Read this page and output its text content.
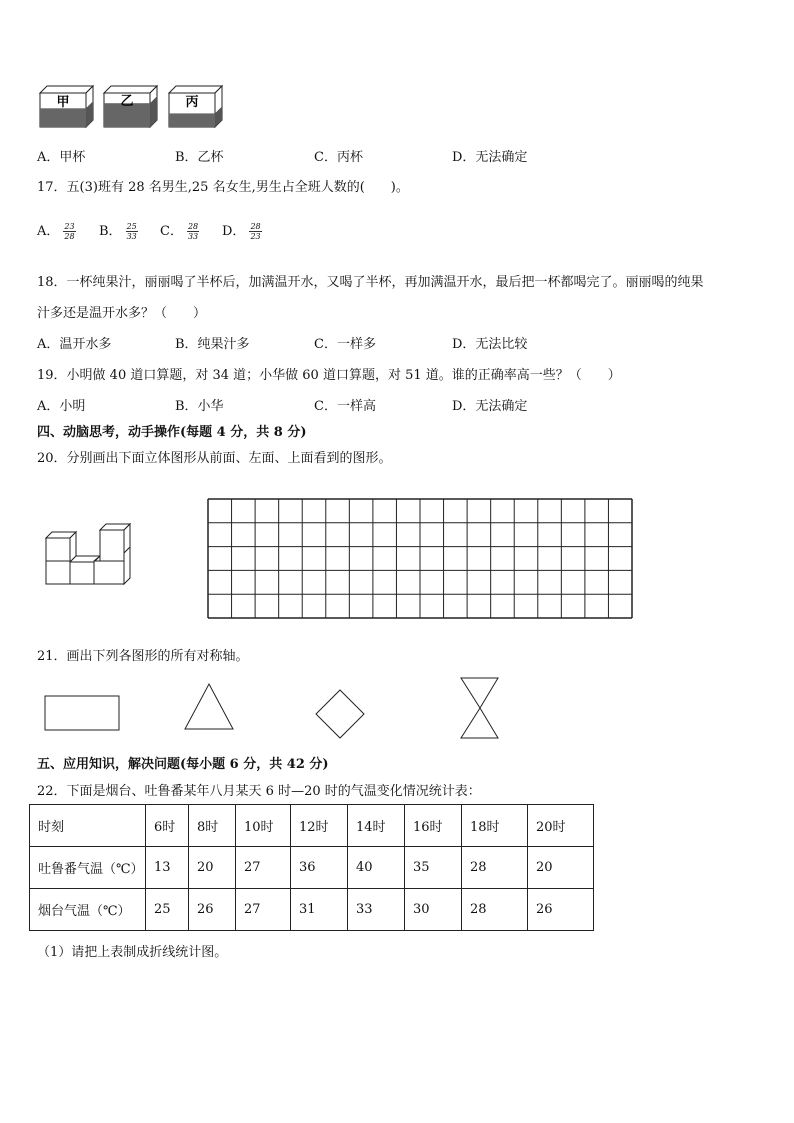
甲	乙	丙
A．甲杯	B．乙杯	C．丙杯	D．无法确定
17．五(3)班有 28 名男生,25 名女生,男生占全班人数的(　　)。
A． $\frac{23}{28}$ B． $\frac{25}{33}$ C． $\frac{28}{33}$ D． $\frac{28}{23}$
18．一杯纯果汁，丽丽喝了半杯后，加满温开水，又喝了半杯，再加满温开水，最后把一杯都喝完了。丽丽喝的纯果
汁多还是温开水多？（　　）
A．温开水多	B．纯果汁多	C．一样多	D．无法比较
19．小明做 40 道口算题，对 34 道；小华做 60 道口算题，对 51 道。谁的正确率高一些？（　　）
A．小明	B．小华	C．一样高	D．无法确定
四、动脑思考，动手操作(每题 4 分，共 8 分)
20．分别画出下面立体图形从前面、左面、上面看到的图形。
21．画出下列各图形的所有对称轴。
五、应用知识，解决问题(每小题 6 分，共 42 分)
22．下面是烟台、吐鲁番某年八月某天 6 时—20 时的气温变化情况统计表：
时刻	6时	8时	10时	12时	14时	16时	18时	20时
吐鲁番气温（℃）	13	20	27	36	40	35	28	20
烟台气温（℃）	25	26	27	31	33	30	28	26
（1）请把上表制成折线统计图。
